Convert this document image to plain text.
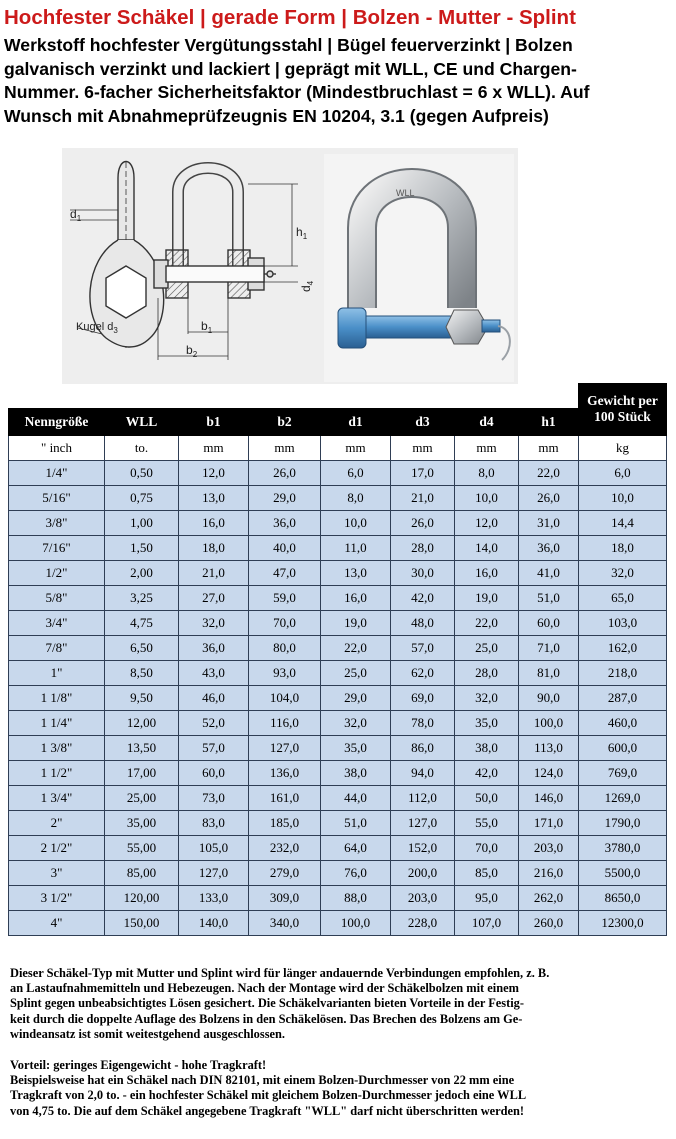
Hochfester Schäkel | gerade Form | Bolzen - Mutter - Splint
Werkstoff hochfester Vergütungsstahl | Bügel feuerverzinkt | Bolzen
galvanisch verzinkt und lackiert | geprägt mit WLL, CE und Chargen-
Nummer. 6-facher Sicherheitsfaktor (Mindestbruchlast = 6 x WLL). Auf
Wunsch mit Abnahmeprüfzeugnis EN 10204, 3.1 (gegen Aufpreis)
$d_1$
Kugel $d_3$	$b_1$
$b_2$
$h_1$
$d_4$
WLL

								Gewicht per
100 Stück

Nenngröße	WLL	b1	b2	d1	d3	d4	h1	
" inch	to.	mm	mm	mm	mm	mm	mm	kg
1/4"	0,50	12,0	26,0	6,0	17,0	8,0	22,0	6,0
5/16"	0,75	13,0	29,0	8,0	21,0	10,0	26,0	10,0
3/8"	1,00	16,0	36,0	10,0	26,0	12,0	31,0	14,4
7/16"	1,50	18,0	40,0	11,0	28,0	14,0	36,0	18,0
1/2"	2,00	21,0	47,0	13,0	30,0	16,0	41,0	32,0
5/8"	3,25	27,0	59,0	16,0	42,0	19,0	51,0	65,0
3/4"	4,75	32,0	70,0	19,0	48,0	22,0	60,0	103,0
7/8"	6,50	36,0	80,0	22,0	57,0	25,0	71,0	162,0
1"	8,50	43,0	93,0	25,0	62,0	28,0	81,0	218,0
1 1/8"	9,50	46,0	104,0	29,0	69,0	32,0	90,0	287,0
1 1/4"	12,00	52,0	116,0	32,0	78,0	35,0	100,0	460,0
1 3/8"	13,50	57,0	127,0	35,0	86,0	38,0	113,0	600,0
1 1/2"	17,00	60,0	136,0	38,0	94,0	42,0	124,0	769,0
1 3/4"	25,00	73,0	161,0	44,0	112,0	50,0	146,0	1269,0
2"	35,00	83,0	185,0	51,0	127,0	55,0	171,0	1790,0
2 1/2"	55,00	105,0	232,0	64,0	152,0	70,0	203,0	3780,0
3"	85,00	127,0	279,0	76,0	200,0	85,0	216,0	5500,0
3 1/2"	120,00	133,0	309,0	88,0	203,0	95,0	262,0	8650,0
4"	150,00	140,0	340,0	100,0	228,0	107,0	260,0	12300,0
Dieser Schäkel-Typ mit Mutter und Splint wird für länger andauernde Verbindungen empfohlen, z. B.
an Lastaufnahmemitteln und Hebezeugen. Nach der Montage wird der Schäkelbolzen mit einem
Splint gegen unbeabsichtigtes Lösen gesichert. Die Schäkelvarianten bieten Vorteile in der Festig-
keit durch die doppelte Auflage des Bolzens in den Schäkelösen. Das Brechen des Bolzens am Ge-
windeansatz ist somit weitestgehend ausgeschlossen.
Vorteil: geringes Eigengewicht - hohe Tragkraft!
Beispielsweise hat ein Schäkel nach DIN 82101, mit einem Bolzen-Durchmesser von 22 mm eine
Tragkraft von 2,0 to. - ein hochfester Schäkel mit gleichem Bolzen-Durchmesser jedoch eine WLL
von 4,75 to. Die auf dem Schäkel angegebene Tragkraft "WLL" darf nicht überschritten werden!
